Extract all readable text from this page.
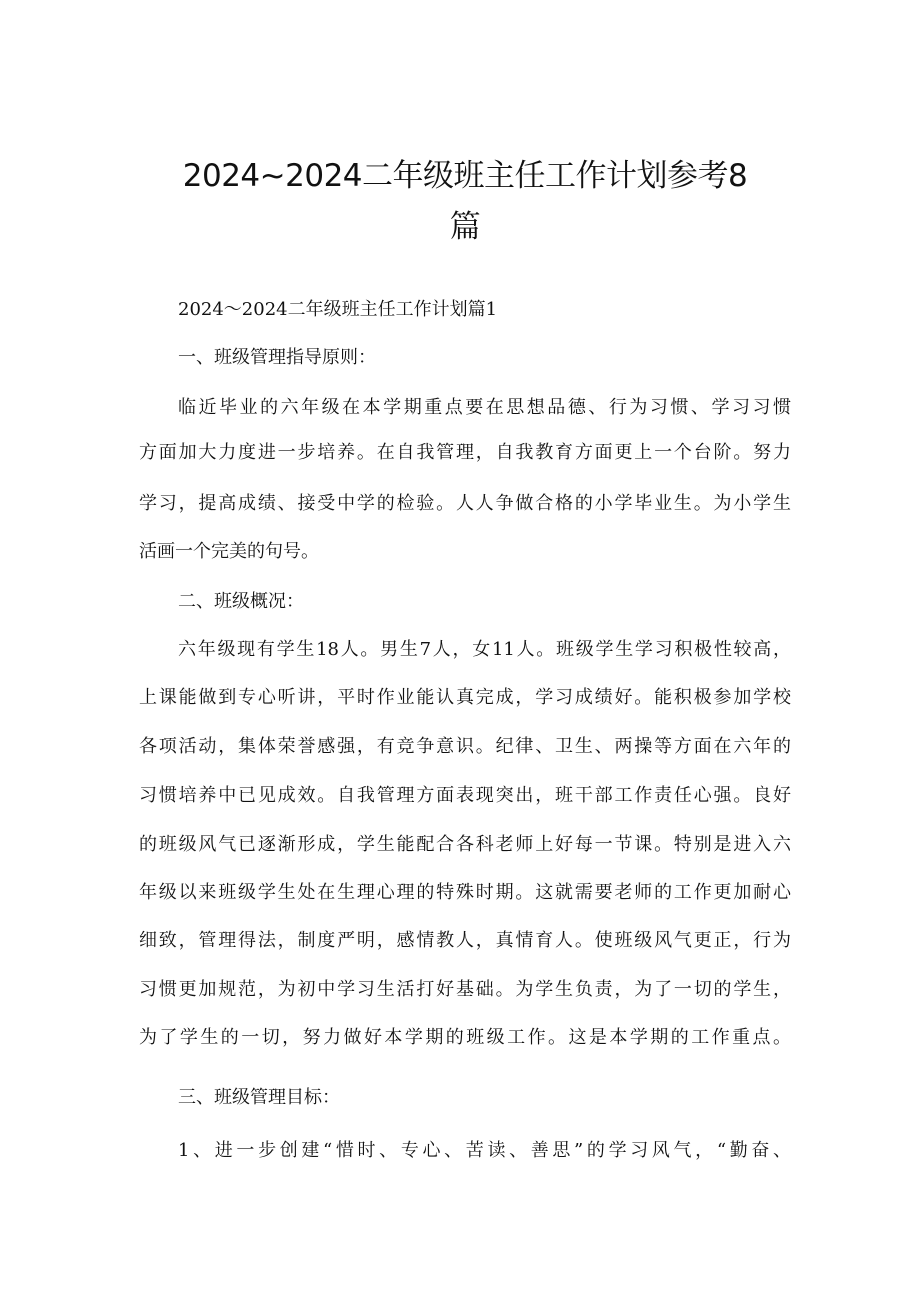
2024~2024二年级班主任工作计划参考8
篇
2024～2024二年级班主任工作计划篇1
一、班级管理指导原则：
临近毕业的六年级在本学期重点要在思想品德、行为习惯、学习习惯
方面加大力度进一步培养。在自我管理，自我教育方面更上一个台阶。努力
学习，提高成绩、接受中学的检验。人人争做合格的小学毕业生。为小学生
活画一个完美的句号。
二、班级概况：
六年级现有学生18人。男生7人，女11人。班级学生学习积极性较高，
上课能做到专心听讲，平时作业能认真完成，学习成绩好。能积极参加学校
各项活动，集体荣誉感强，有竞争意识。纪律、卫生、两操等方面在六年的
习惯培养中已见成效。自我管理方面表现突出，班干部工作责任心强。良好
的班级风气已逐渐形成，学生能配合各科老师上好每一节课。特别是进入六
年级以来班级学生处在生理心理的特殊时期。这就需要老师的工作更加耐心
细致，管理得法，制度严明，感情教人，真情育人。使班级风气更正，行为
习惯更加规范，为初中学习生活打好基础。为学生负责，为了一切的学生，
为了学生的一切，努力做好本学期的班级工作。这是本学期的工作重点。
三、班级管理目标：
1、进一步创建“惜时、专心、苦读、善思”的学习风气，“勤奋、
